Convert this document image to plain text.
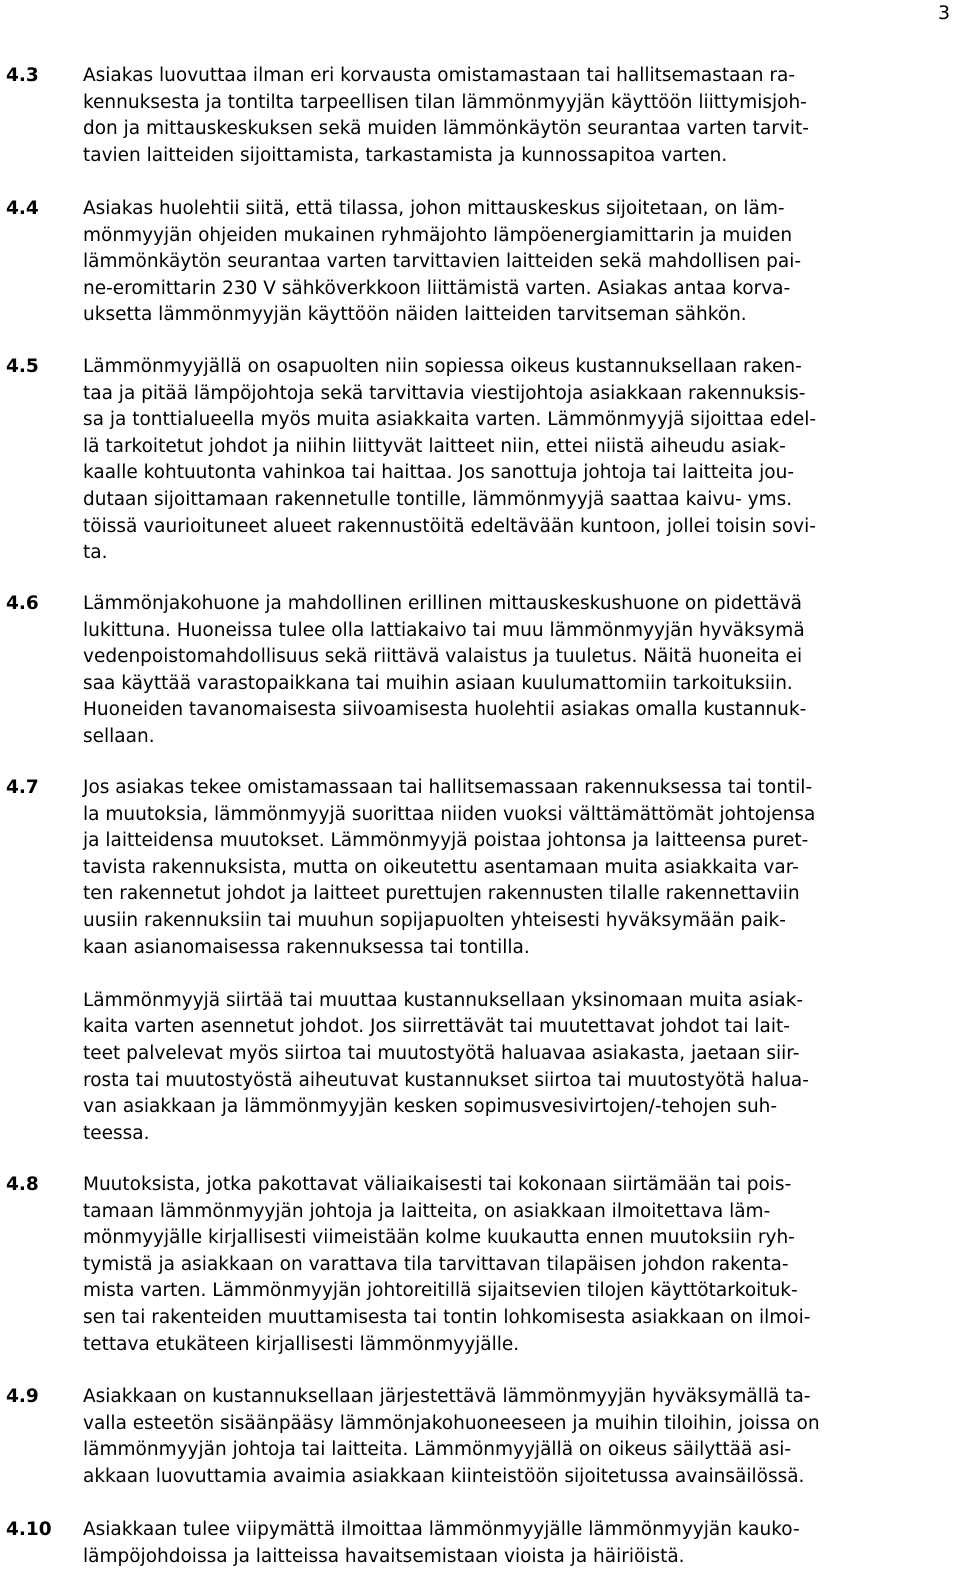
3
4.3 Asiakas luovuttaa ilman eri korvausta omistamastaan tai hallitsemastaan ra-
kennuksesta ja tontilta tarpeellisen tilan lämmönmyyjän käyttöön liittymisjoh-
don ja mittauskeskuksen sekä muiden lämmönkäytön seurantaa varten tarvit-
tavien laitteiden sijoittamista, tarkastamista ja kunnossapitoa varten.
4.4 Asiakas huolehtii siitä, että tilassa, johon mittauskeskus sijoitetaan, on läm-
mönmyyjän ohjeiden mukainen ryhmäjohto lämpöenergiamittarin ja muiden
lämmönkäytön seurantaa varten tarvittavien laitteiden sekä mahdollisen pai-
ne-eromittarin 230 V sähköverkkoon liittämistä varten. Asiakas antaa korva-
uksetta lämmönmyyjän käyttöön näiden laitteiden tarvitseman sähkön.
4.5 Lämmönmyyjällä on osapuolten niin sopiessa oikeus kustannuksellaan raken-
taa ja pitää lämpöjohtoja sekä tarvittavia viestijohtoja asiakkaan rakennuksis-
sa ja tonttialueella myös muita asiakkaita varten. Lämmönmyyjä sijoittaa edel-
lä tarkoitetut johdot ja niihin liittyvät laitteet niin, ettei niistä aiheudu asiak-
kaalle kohtuutonta vahinkoa tai haittaa. Jos sanottuja johtoja tai laitteita jou-
dutaan sijoittamaan rakennetulle tontille, lämmönmyyjä saattaa kaivu- yms.
töissä vaurioituneet alueet rakennustöitä edeltävään kuntoon, jollei toisin sovi-
ta.
4.6 Lämmönjakohuone ja mahdollinen erillinen mittauskeskushuone on pidettävä
lukittuna. Huoneissa tulee olla lattiakaivo tai muu lämmönmyyjän hyväksymä
vedenpoistomahdollisuus sekä riittävä valaistus ja tuuletus. Näitä huoneita ei
saa käyttää varastopaikkana tai muihin asiaan kuulumattomiin tarkoituksiin.
Huoneiden tavanomaisesta siivoamisesta huolehtii asiakas omalla kustannuk-
sellaan.
4.7 Jos asiakas tekee omistamassaan tai hallitsemassaan rakennuksessa tai tontil-
la muutoksia, lämmönmyyjä suorittaa niiden vuoksi välttämättömät johtojensa
ja laitteidensa muutokset. Lämmönmyyjä poistaa johtonsa ja laitteensa puret-
tavista rakennuksista, mutta on oikeutettu asentamaan muita asiakkaita var-
ten rakennetut johdot ja laitteet purettujen rakennusten tilalle rakennettaviin
uusiin rakennuksiin tai muuhun sopijapuolten yhteisesti hyväksymään paik-
kaan asianomaisessa rakennuksessa tai tontilla.
Lämmönmyyjä siirtää tai muuttaa kustannuksellaan yksinomaan muita asiak-
kaita varten asennetut johdot. Jos siirrettävät tai muutettavat johdot tai lait-
teet palvelevat myös siirtoa tai muutostyötä haluavaa asiakasta, jaetaan siir-
rosta tai muutostyöstä aiheutuvat kustannukset siirtoa tai muutostyötä halua-
van asiakkaan ja lämmönmyyjän kesken sopimusvesivirtojen/-tehojen suh-
teessa.
4.8 Muutoksista, jotka pakottavat väliaikaisesti tai kokonaan siirtämään tai pois-
tamaan lämmönmyyjän johtoja ja laitteita, on asiakkaan ilmoitettava läm-
mönmyyjälle kirjallisesti viimeistään kolme kuukautta ennen muutoksiin ryh-
tymistä ja asiakkaan on varattava tila tarvittavan tilapäisen johdon rakenta-
mista varten. Lämmönmyyjän johtoreitillä sijaitsevien tilojen käyttötarkoituk-
sen tai rakenteiden muuttamisesta tai tontin lohkomisesta asiakkaan on ilmoi-
tettava etukäteen kirjallisesti lämmönmyyjälle.
4.9 Asiakkaan on kustannuksellaan järjestettävä lämmönmyyjän hyväksymällä ta-
valla esteetön sisäänpääsy lämmönjakohuoneeseen ja muihin tiloihin, joissa on
lämmönmyyjän johtoja tai laitteita. Lämmönmyyjällä on oikeus säilyttää asi-
akkaan luovuttamia avaimia asiakkaan kiinteistöön sijoitetussa avainsäilössä.
4.10 Asiakkaan tulee viipymättä ilmoittaa lämmönmyyjälle lämmönmyyjän kauko-
lämpöjohdoissa ja laitteissa havaitsemistaan vioista ja häiriöistä.
